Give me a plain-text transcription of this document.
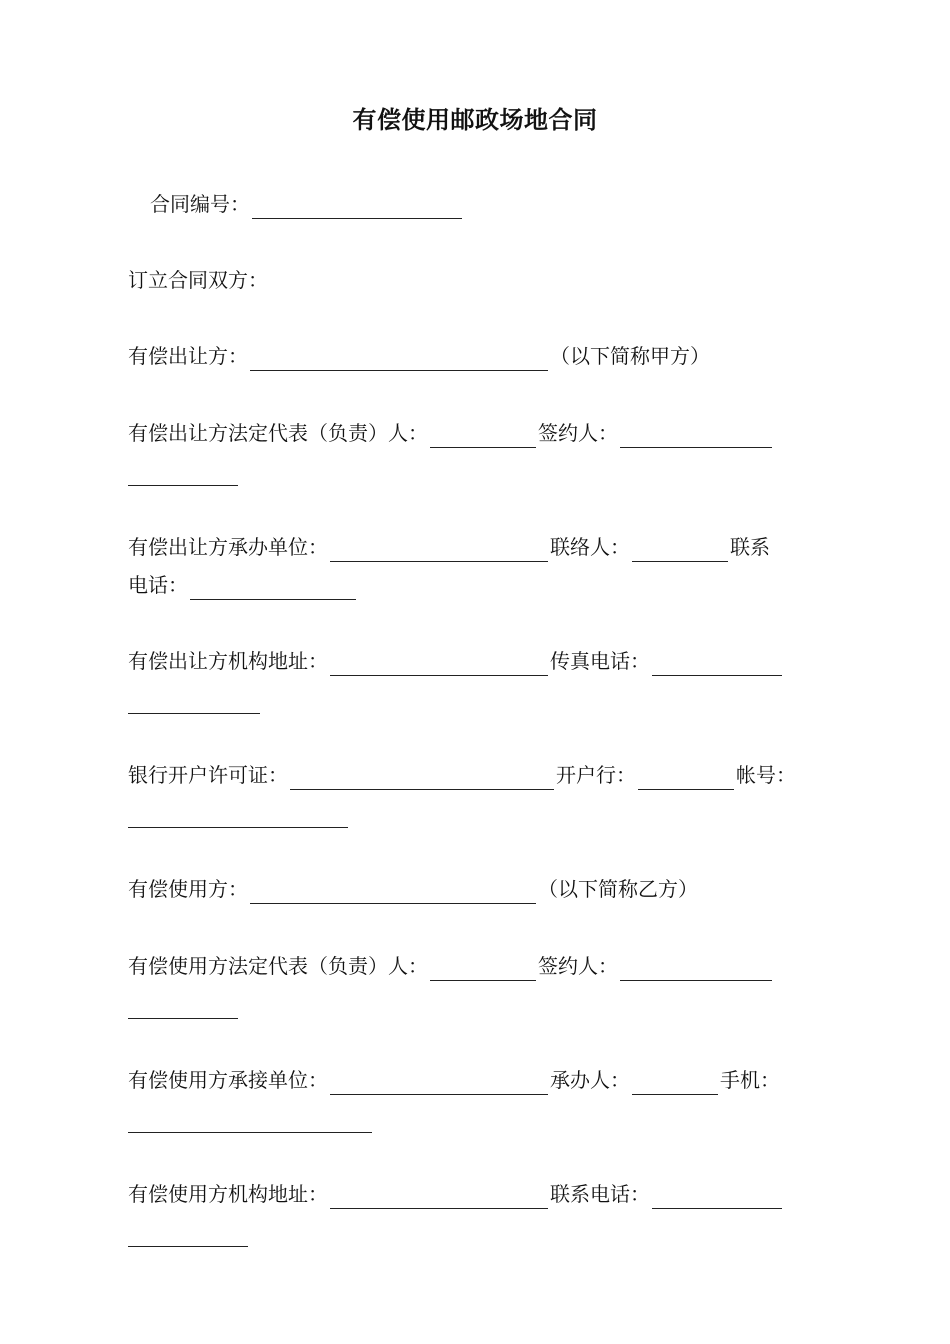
有偿使用邮政场地合同
合同编号：
订立合同双方：
有偿出让方：	（以下简称甲方）
有偿出让方法定代表（负责）人：	签约人：
有偿出让方承办单位：	联络人：	联系
电话：
有偿出让方机构地址：	传真电话：
银行开户许可证：	开户行：	帐号：
有偿使用方：	（以下简称乙方）
有偿使用方法定代表（负责）人：	签约人：
有偿使用方承接单位：	承办人：	手机：
有偿使用方机构地址：	联系电话：
